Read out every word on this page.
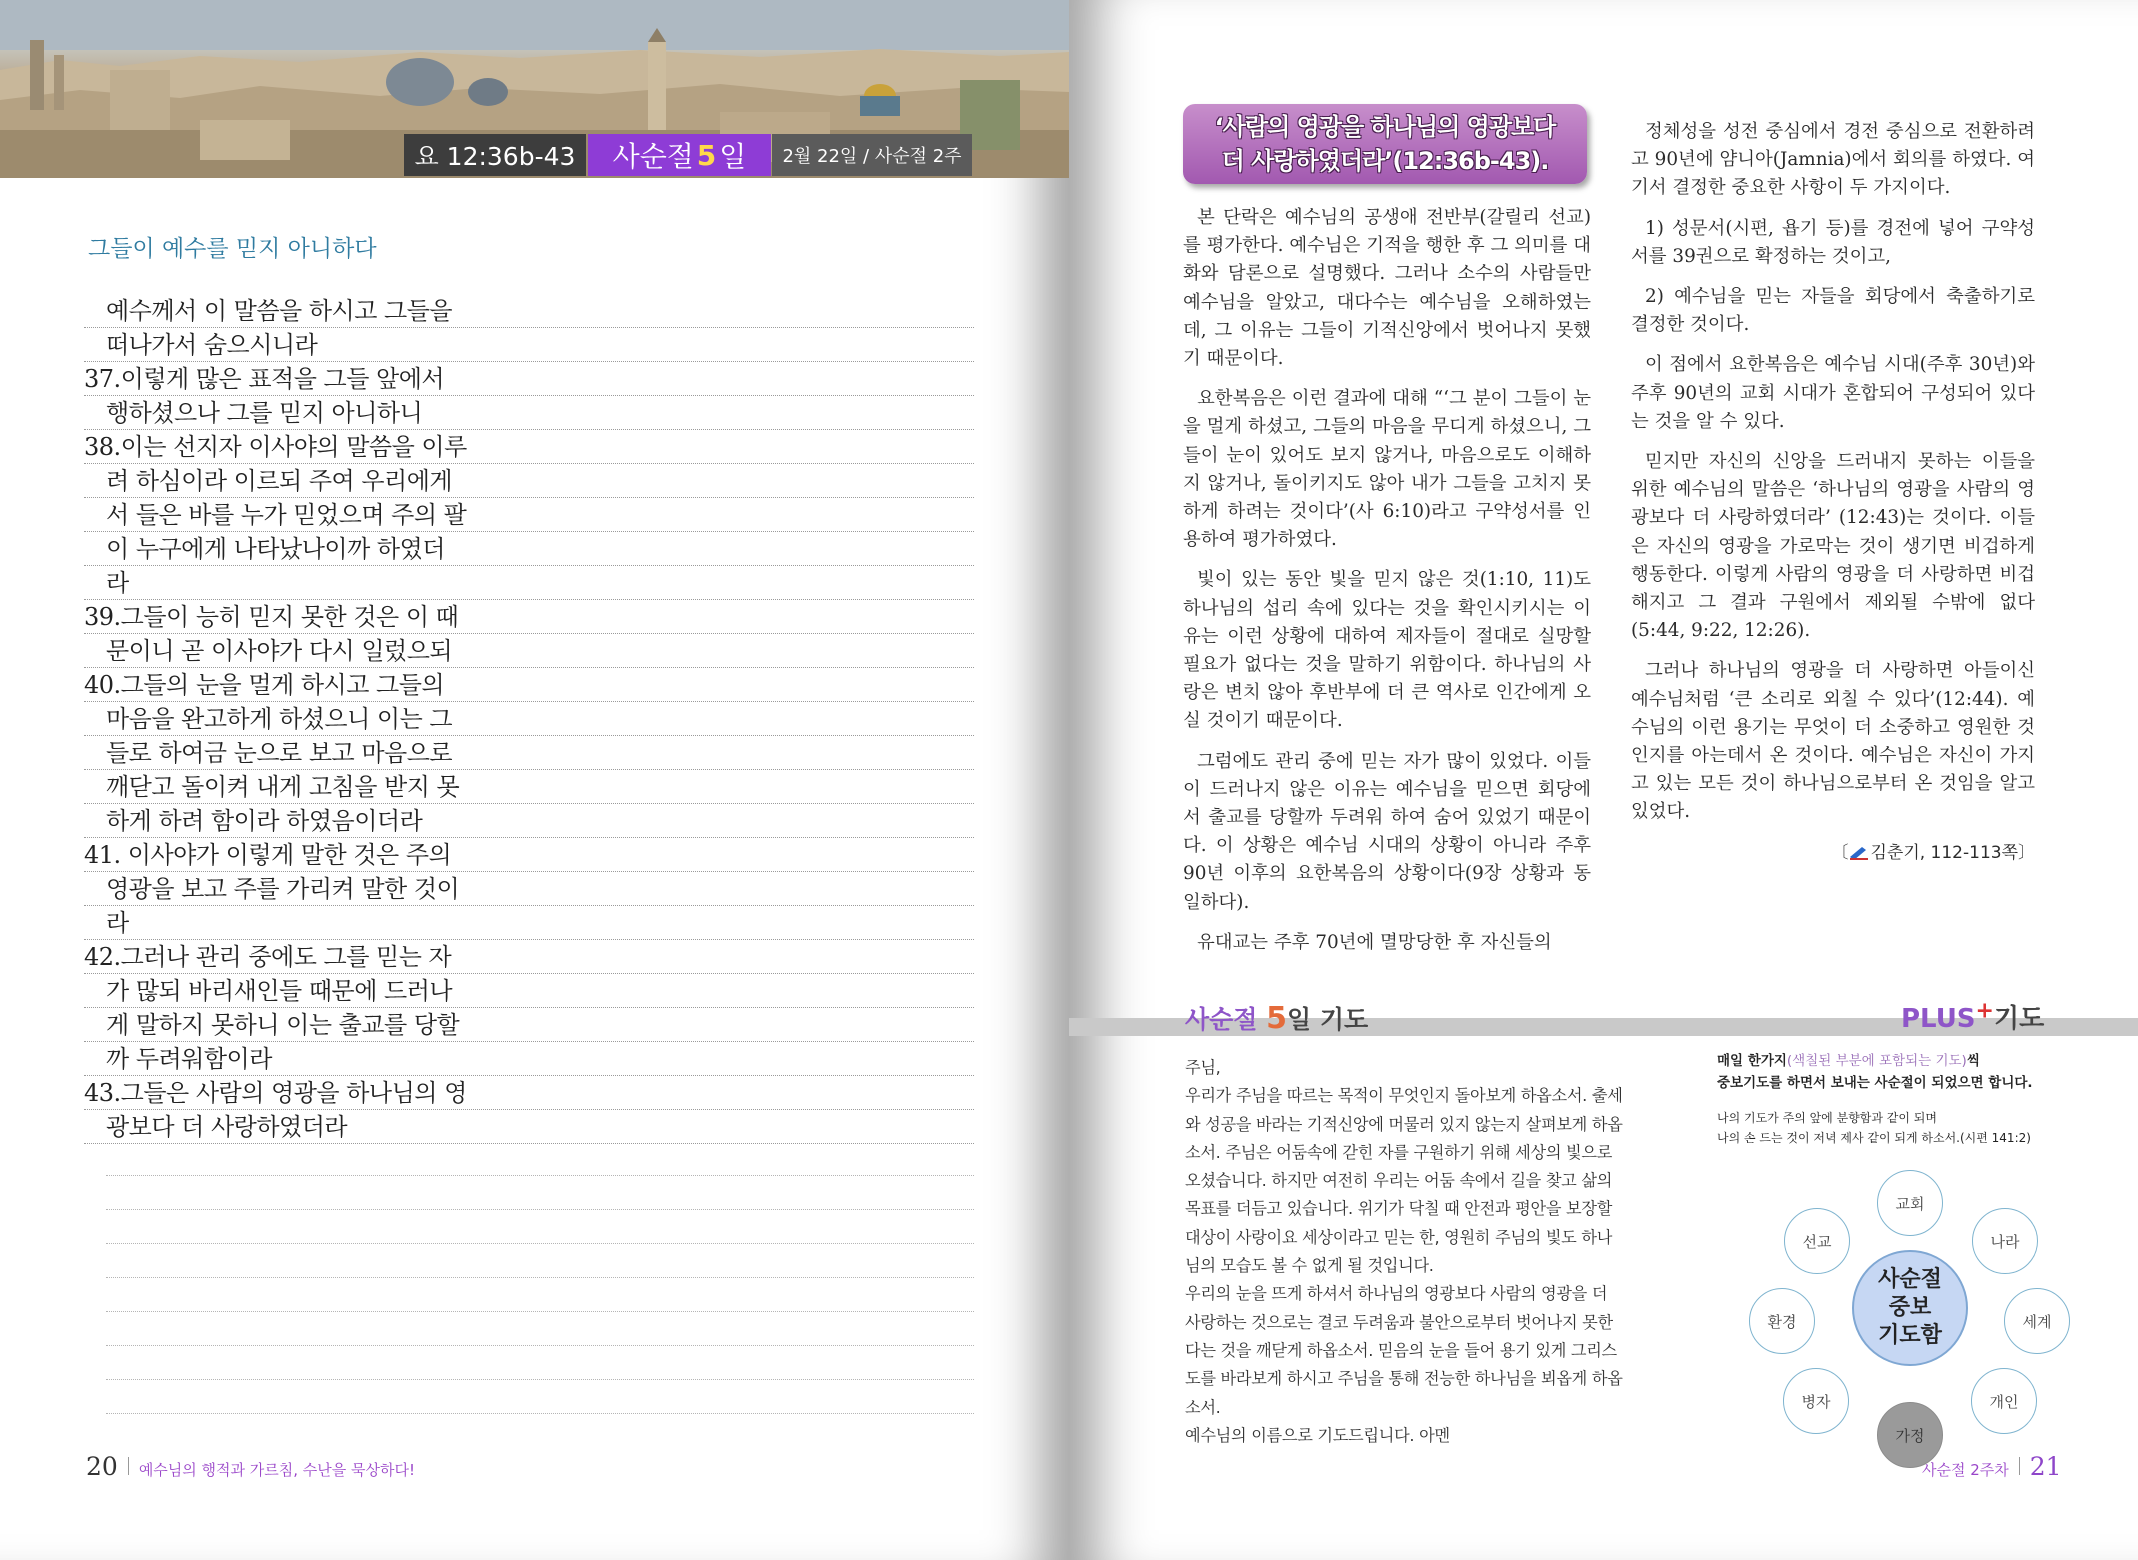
요 12:36b-43	사순절 5 일	2월 22일 / 사순절 2주
그들이 예수를 믿지 아니하다
예수께서 이 말씀을 하시고 그들을
떠나가서 숨으시니라
37.이렇게 많은 표적을 그들 앞에서
행하셨으나 그를 믿지 아니하니
38.이는 선지자 이사야의 말씀을 이루
려 하심이라 이르되 주여 우리에게
서 들은 바를 누가 믿었으며 주의 팔
이 누구에게 나타났나이까 하였더
라
39.그들이 능히 믿지 못한 것은 이 때
문이니 곧 이사야가 다시 일렀으되
40.그들의 눈을 멀게 하시고 그들의
마음을 완고하게 하셨으니 이는 그
들로 하여금 눈으로 보고 마음으로
깨닫고 돌이켜 내게 고침을 받지 못
하게 하려 함이라 하였음이더라
41. 이사야가 이렇게 말한 것은 주의
영광을 보고 주를 가리켜 말한 것이
라
42.그러나 관리 중에도 그를 믿는 자
가 많되 바리새인들 때문에 드러나
게 말하지 못하니 이는 출교를 당할
까 두려워함이라
43.그들은 사람의 영광을 하나님의 영
광보다 더 사랑하였더라
20 예수님의 행적과 가르침, 수난을 묵상하다!
‘사람의 영광을 하나님의 영광보다
더 사랑하였더라’(12:36b-43).

본 단락은 예수님의 공생애 전반부(갈릴리 선교)를 평가한다. 예수님은 기적을 행한 후 그 의미를 대화와 담론으로 설명했다. 그러나 소수의 사람들만 예수님을 알았고, 대다수는 예수님을 오해하였는데, 그 이유는 그들이 기적신앙에서 벗어나지 못했기 때문이다.

요한복음은 이런 결과에 대해 “‘그 분이 그들이 눈을 멀게 하셨고, 그들의 마음을 무디게 하셨으니, 그들이 눈이 있어도 보지 않거나, 마음으로도 이해하지 않거나, 돌이키지도 않아 내가 그들을 고치지 못하게 하려는 것이다’(사 6:10)라고 구약성서를 인용하여 평가하였다.

빛이 있는 동안 빛을 믿지 않은 것(1:10, 11)도 하나님의 섭리 속에 있다는 것을 확인시키시는 이유는 이런 상황에 대하여 제자들이 절대로 실망할 필요가 없다는 것을 말하기 위함이다. 하나님의 사랑은 변치 않아 후반부에 더 큰 역사로 인간에게 오실 것이기 때문이다.

그럼에도 관리 중에 믿는 자가 많이 있었다. 이들이 드러나지 않은 이유는 예수님을 믿으면 회당에서 출교를 당할까 두려워 하여 숨어 있었기 때문이다. 이 상황은 예수님 시대의 상황이 아니라 주후 90년 이후의 요한복음의 상황이다(9장 상황과 동일하다).

유대교는 주후 70년에 멸망당한 후 자신들의

정체성을 성전 중심에서 경전 중심으로 전환하려고 90년에 얌니아(Jamnia)에서 회의를 하였다. 여기서 결정한 중요한 사항이 두 가지이다.

1) 성문서(시편, 욥기 등)를 경전에 넣어 구약성서를 39권으로 확정하는 것이고,

2) 예수님을 믿는 자들을 회당에서 축출하기로 결정한 것이다.

이 점에서 요한복음은 예수님 시대(주후 30년)와 주후 90년의 교회 시대가 혼합되어 구성되어 있다는 것을 알 수 있다.

믿지만 자신의 신앙을 드러내지 못하는 이들을 위한 예수님의 말씀은 ‘하나님의 영광을 사람의 영광보다 더 사랑하였더라’ (12:43)는 것이다. 이들은 자신의 영광을 가로막는 것이 생기면 비겁하게 행동한다. 이렇게 사람의 영광을 더 사랑하면 비겁해지고 그 결과 구원에서 제외될 수밖에 없다(5:44, 9:22, 12:26).

그러나 하나님의 영광을 더 사랑하면 아들이신 예수님처럼 ‘큰 소리로 외칠 수 있다’(12:44). 예수님의 이런 용기는 무엇이 더 소중하고 영원한 것인지를 아는데서 온 것이다. 예수님은 자신이 가지고 있는 모든 것이 하나님으로부터 온 것임을 알고 있었다.

〔 김춘기, 112-113쪽〕
사순절 5일 기도	PLUS+기도

주님,

우리가 주님을 따르는 목적이 무엇인지 돌아보게 하옵소서. 출세와 성공을 바라는 기적신앙에 머물러 있지 않는지 살펴보게 하옵소서. 주님은 어둠속에 갇힌 자를 구원하기 위해 세상의 빛으로 오셨습니다. 하지만 여전히 우리는 어둠 속에서 길을 찾고 삶의 목표를 더듬고 있습니다. 위기가 닥칠 때 안전과 평안을 보장할 대상이 사랑이요 세상이라고 믿는 한, 영원히 주님의 빛도 하나님의 모습도 볼 수 없게 될 것입니다.

우리의 눈을 뜨게 하셔서 하나님의 영광보다 사람의 영광을 더 사랑하는 것으로는 결코 두려움과 불안으로부터 벗어나지 못한다는 것을 깨닫게 하옵소서. 믿음의 눈을 들어 용기 있게 그리스도를 바라보게 하시고 주님을 통해 전능한 하나님을 뵈옵게 하옵소서.

예수님의 이름으로 기도드립니다. 아멘

매일 한가지(색칠된 부분에 포함되는 기도)씩
중보기도를 하면서 보내는 사순절이 되었으면 합니다.
나의 기도가 주의 앞에 분향함과 같이 되며
나의 손 드는 것이 저녁 제사 같이 되게 하소서.(시편 141:2)
교회
나라
세계
개인
가정
병자
환경
선교
사순절
중보
기도함
사순절 2주차 21
